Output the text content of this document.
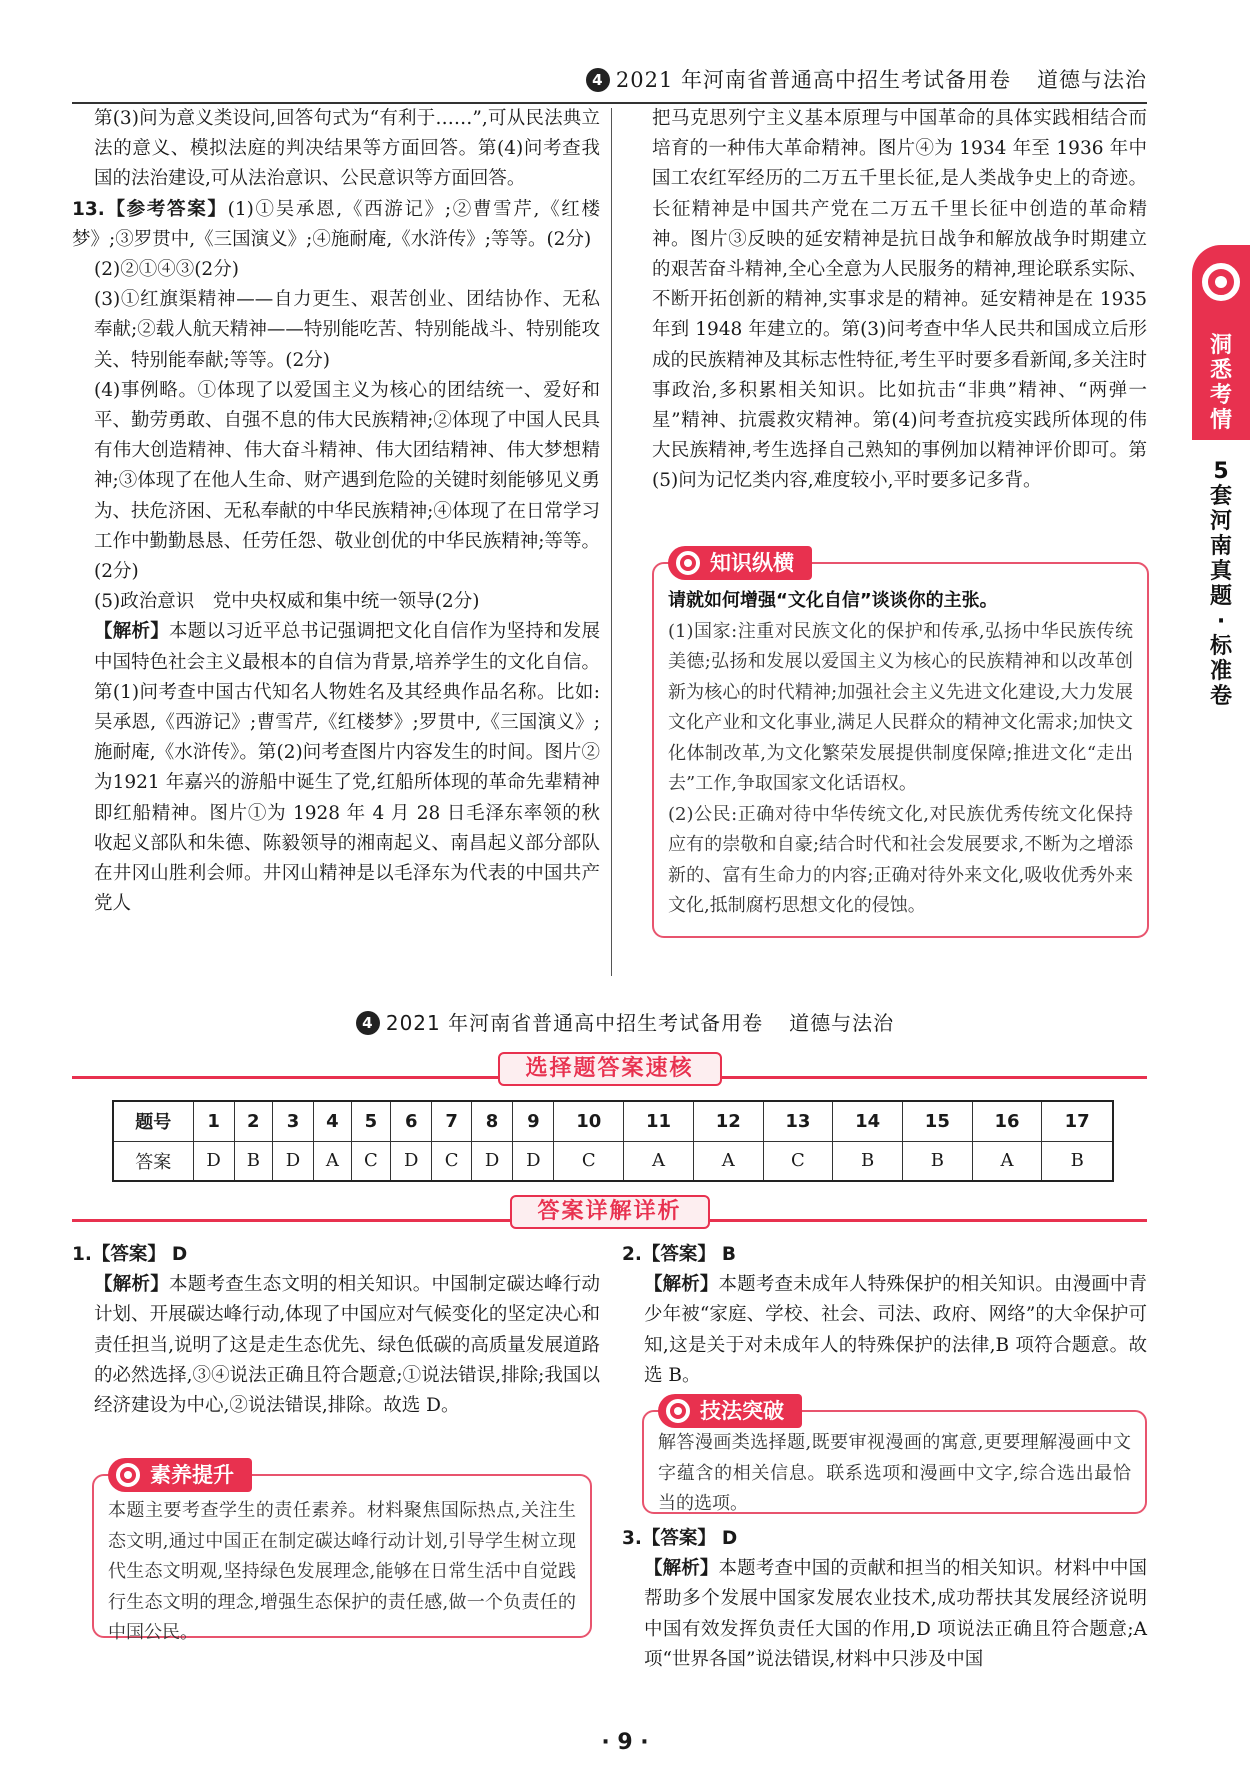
4 2021 年河南省普通高中招生考试备用卷 道德与法治

第(3)问为意义类设问,回答句式为“有利于……”,可从民法典立法的意义、模拟法庭的判决结果等方面回答。第(4)问考查我国的法治建设,可从法治意识、公民意识等方面回答。

13.【参考答案】(1)①吴承恩,《西游记》;②曹雪芹,《红楼梦》;③罗贯中,《三国演义》;④施耐庵,《水浒传》;等等。(2分)

(2)②①④③(2分)

(3)①红旗渠精神——自力更生、艰苦创业、团结协作、无私奉献;②载人航天精神——特别能吃苦、特别能战斗、特别能攻关、特别能奉献;等等。(2分)

(4)事例略。①体现了以爱国主义为核心的团结统一、爱好和平、勤劳勇敢、自强不息的伟大民族精神;②体现了中国人民具有伟大创造精神、伟大奋斗精神、伟大团结精神、伟大梦想精神;③体现了在他人生命、财产遇到危险的关键时刻能够见义勇为、扶危济困、无私奉献的中华民族精神;④体现了在日常学习工作中勤勤恳恳、任劳任怨、敬业创优的中华民族精神;等等。(2分)

(5)政治意识　党中央权威和集中统一领导(2分)

【解析】本题以习近平总书记强调把文化自信作为坚持和发展中国特色社会主义最根本的自信为背景,培养学生的文化自信。第(1)问考查中国古代知名人物姓名及其经典作品名称。比如:吴承恩,《西游记》;曹雪芹,《红楼梦》;罗贯中,《三国演义》;施耐庵,《水浒传》。第(2)问考查图片内容发生的时间。图片②为1921 年嘉兴的游船中诞生了党,红船所体现的革命先辈精神即红船精神。图片①为 1928 年 4 月 28 日毛泽东率领的秋收起义部队和朱德、陈毅领导的湘南起义、南昌起义部分部队在井冈山胜利会师。井冈山精神是以毛泽东为代表的中国共产党人

把马克思列宁主义基本原理与中国革命的具体实践相结合而培育的一种伟大革命精神。图片④为 1934 年至 1936 年中国工农红军经历的二万五千里长征,是人类战争史上的奇迹。长征精神是中国共产党在二万五千里长征中创造的革命精神。图片③反映的延安精神是抗日战争和解放战争时期建立的艰苦奋斗精神,全心全意为人民服务的精神,理论联系实际、不断开拓创新的精神,实事求是的精神。延安精神是在 1935 年到 1948 年建立的。第(3)问考查中华人民共和国成立后形成的民族精神及其标志性特征,考生平时要多看新闻,多关注时事政治,多积累相关知识。比如抗击“非典”精神、“两弹一星”精神、抗震救灾精神。第(4)问考查抗疫实践所体现的伟大民族精神,考生选择自己熟知的事例加以精神评价即可。第(5)问为记忆类内容,难度较小,平时要多记多背。

知识纵横

请就如何增强“文化自信”谈谈你的主张。

(1)国家:注重对民族文化的保护和传承,弘扬中华民族传统美德;弘扬和发展以爱国主义为核心的民族精神和以改革创新为核心的时代精神;加强社会主义先进文化建设,大力发展文化产业和文化事业,满足人民群众的精神文化需求;加快文化体制改革,为文化繁荣发展提供制度保障;推进文化“走出去”工作,争取国家文化话语权。

(2)公民:正确对待中华传统文化,对民族优秀传统文化保持应有的崇敬和自豪;结合时代和社会发展要求,不断为之增添新的、富有生命力的内容;正确对待外来文化,吸收优秀外来文化,抵制腐朽思想文化的侵蚀。

洞悉考情
5套河南真题·标准卷
4 2021 年河南省普通高中招生考试备用卷 道德与法治
选择题答案速核
题号	1	2	3	4	5	6	7	8	9	10	11	12	13	14	15	16	17
答案	D	B	D	A	C	D	C	D	D	C	A	A	C	B	B	A	B
答案详解详析

1.【答案】 D

【解析】本题考查生态文明的相关知识。中国制定碳达峰行动计划、开展碳达峰行动,体现了中国应对气候变化的坚定决心和责任担当,说明了这是走生态优先、绿色低碳的高质量发展道路的必然选择,③④说法正确且符合题意;①说法错误,排除;我国以经济建设为中心,②说法错误,排除。故选 D。

素养提升

本题主要考查学生的责任素养。材料聚焦国际热点,关注生态文明,通过中国正在制定碳达峰行动计划,引导学生树立现代生态文明观,坚持绿色发展理念,能够在日常生活中自觉践行生态文明的理念,增强生态保护的责任感,做一个负责任的中国公民。

2.【答案】 B

【解析】本题考查未成年人特殊保护的相关知识。由漫画中青少年被“家庭、学校、社会、司法、政府、网络”的大伞保护可知,这是关于对未成年人的特殊保护的法律,B 项符合题意。故选 B。

技法突破

解答漫画类选择题,既要审视漫画的寓意,更要理解漫画中文字蕴含的相关信息。联系选项和漫画中文字,综合选出最恰当的选项。

3.【答案】 D

【解析】本题考查中国的贡献和担当的相关知识。材料中中国帮助多个发展中国家发展农业技术,成功帮扶其发展经济说明中国有效发挥负责任大国的作用,D 项说法正确且符合题意;A 项“世界各国”说法错误,材料中只涉及中国

· 9 ·
